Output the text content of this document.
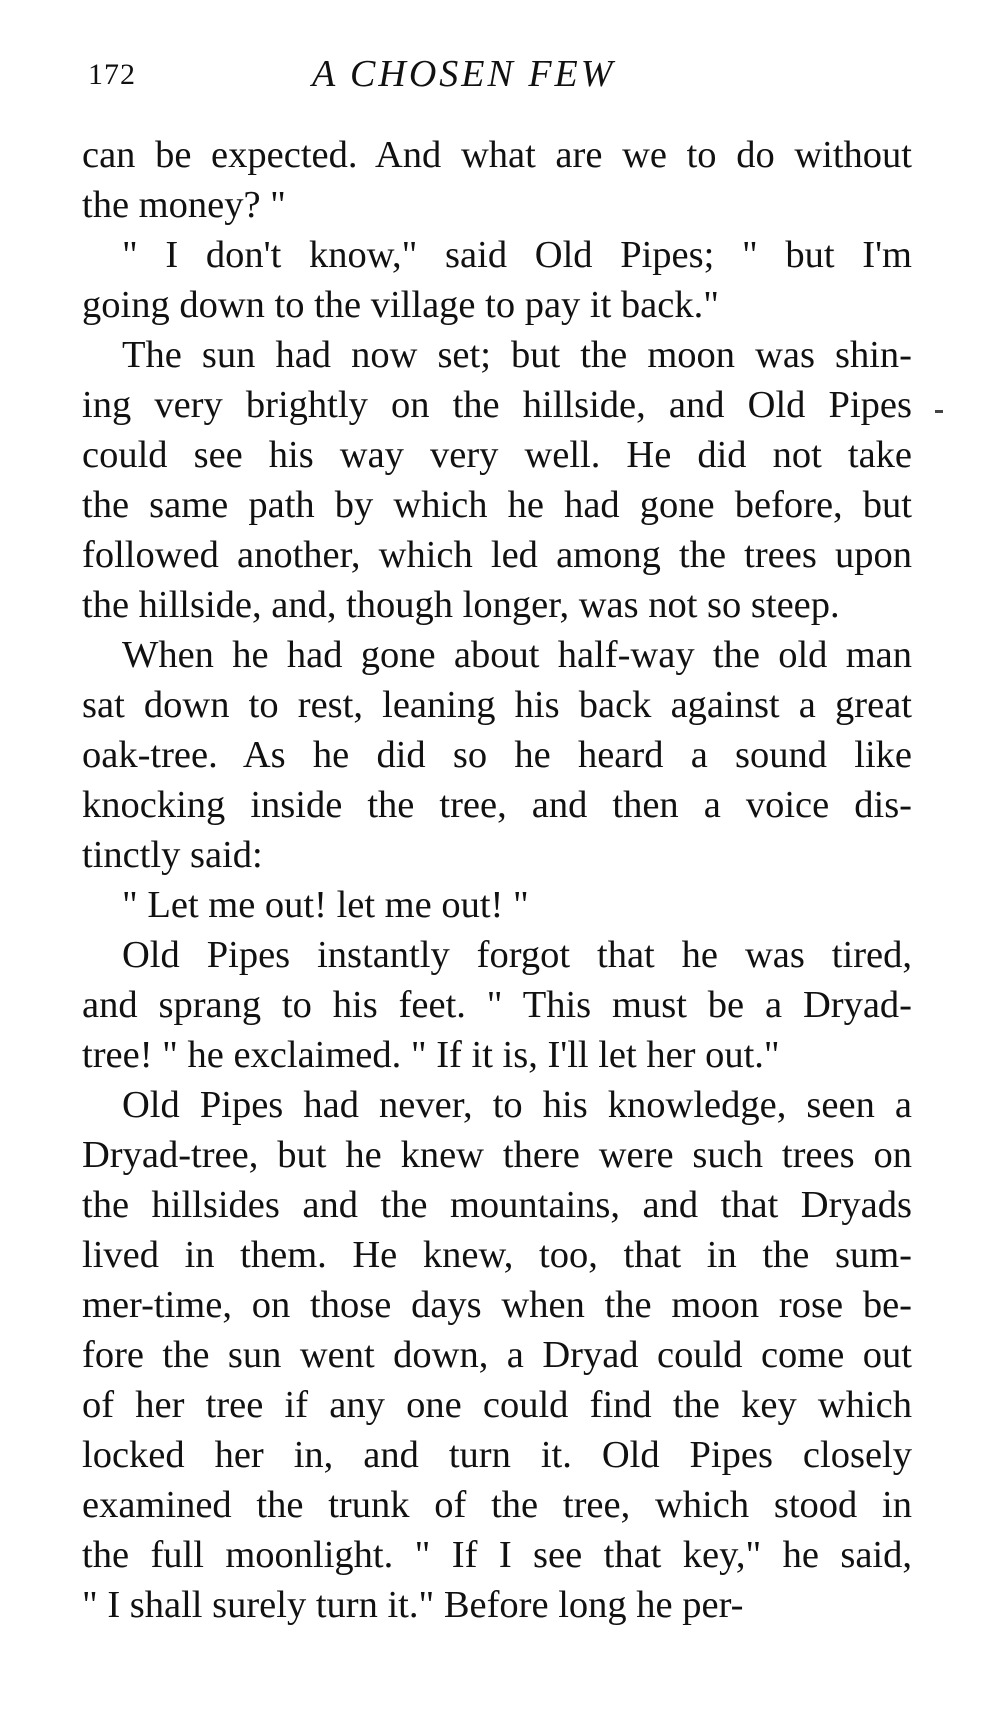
172	A CHOSEN FEW
can be expected. And what are we to do without
the money? "
" I don't know," said Old Pipes; " but I'm
going down to the village to pay it back."
The sun had now set; but the moon was shin-
ing very brightly on the hillside, and Old Pipes
could see his way very well. He did not take
the same path by which he had gone before, but
followed another, which led among the trees upon
the hillside, and, though longer, was not so steep.
When he had gone about half-way the old man
sat down to rest, leaning his back against a great
oak-tree. As he did so he heard a sound like
knocking inside the tree, and then a voice dis-
tinctly said:
" Let me out! let me out! "
Old Pipes instantly forgot that he was tired,
and sprang to his feet. " This must be a Dryad-
tree! " he exclaimed. " If it is, I'll let her out."
Old Pipes had never, to his knowledge, seen a
Dryad-tree, but he knew there were such trees on
the hillsides and the mountains, and that Dryads
lived in them. He knew, too, that in the sum-
mer-time, on those days when the moon rose be-
fore the sun went down, a Dryad could come out
of her tree if any one could find the key which
locked her in, and turn it. Old Pipes closely
examined the trunk of the tree, which stood in
the full moonlight. " If I see that key," he said,
" I shall surely turn it." Before long he per-
